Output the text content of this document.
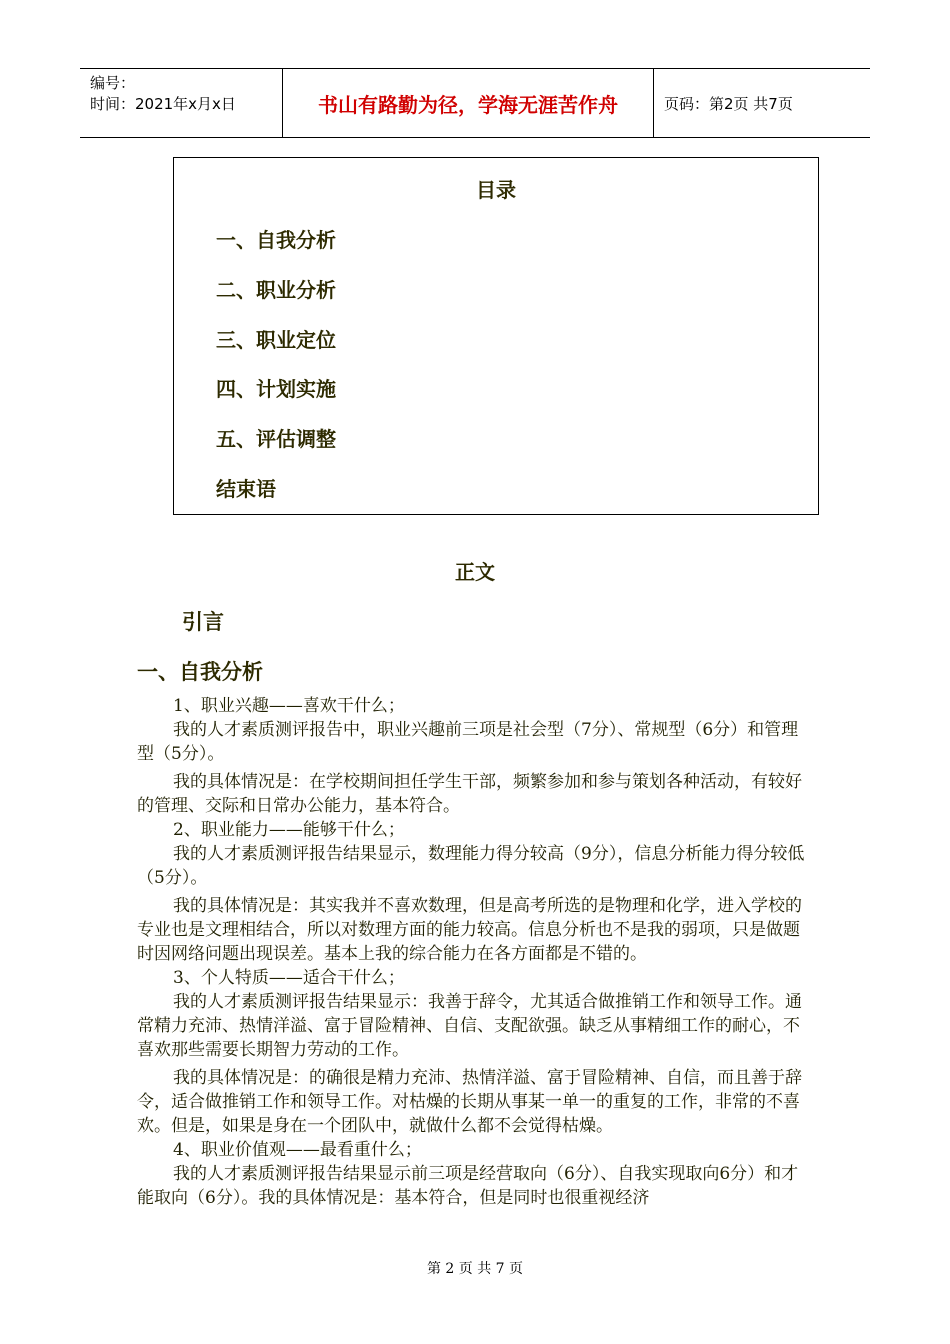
编号：
时间：2021年x月x日	书山有路勤为径，学海无涯苦作舟	页码：第2页 共7页
目录
一、自我分析
二、职业分析
三、职业定位
四、计划实施
五、评估调整
结束语
正文
引言
一、自我分析

1、职业兴趣——喜欢干什么；

我的人才素质测评报告中，职业兴趣前三项是社会型（7分）、常规型（6分）和管理型（5分）。

我的具体情况是：在学校期间担任学生干部，频繁参加和参与策划各种活动，有较好的管理、交际和日常办公能力，基本符合。

2、职业能力——能够干什么；

我的人才素质测评报告结果显示，数理能力得分较高（9分），信息分析能力得分较低（5分）。

我的具体情况是：其实我并不喜欢数理，但是高考所选的是物理和化学，进入学校的专业也是文理相结合，所以对数理方面的能力较高。信息分析也不是我的弱项，只是做题时因网络问题出现误差。基本上我的综合能力在各方面都是不错的。

3、个人特质——适合干什么；

我的人才素质测评报告结果显示：我善于辞令，尤其适合做推销工作和领导工作。通常精力充沛、热情洋溢、富于冒险精神、自信、支配欲强。缺乏从事精细工作的耐心，不喜欢那些需要长期智力劳动的工作。

我的具体情况是：的确很是精力充沛、热情洋溢、富于冒险精神、自信，而且善于辞令，适合做推销工作和领导工作。对枯燥的长期从事某一单一的重复的工作，非常的不喜欢。但是，如果是身在一个团队中，就做什么都不会觉得枯燥。

4、职业价值观——最看重什么；

我的人才素质测评报告结果显示前三项是经营取向（6分）、自我实现取向6分）和才能取向（6分）。我的具体情况是：基本符合，但是同时也很重视经济

第 2 页 共 7 页
